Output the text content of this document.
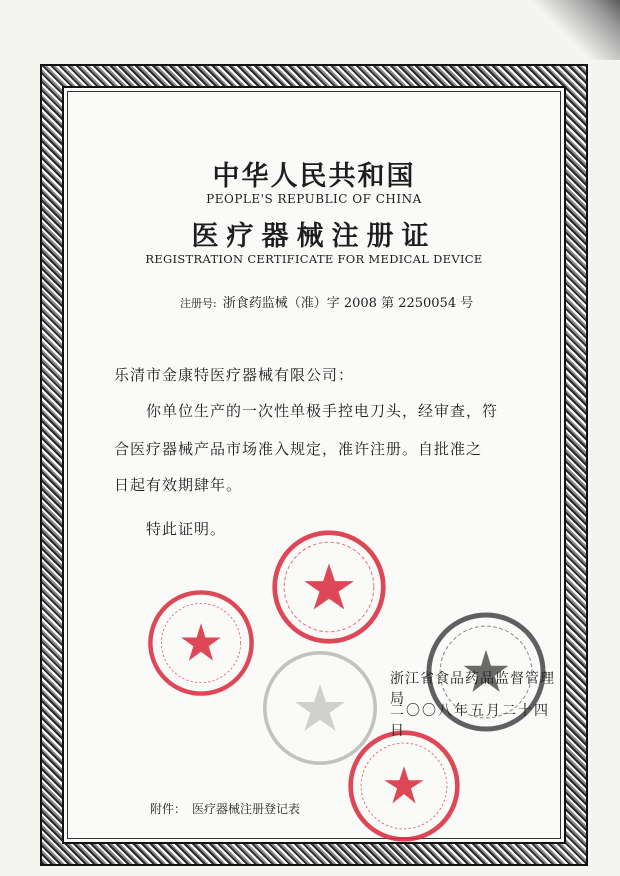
中华人民共和国
PEOPLE'S REPUBLIC OF CHINA
医疗器械注册证
REGISTRATION CERTIFICATE FOR MEDICAL DEVICE
注册号: 浙食药监械（准）字 2008 第 2250054 号
乐清市金康特医疗器械有限公司：
你单位生产的一次性单极手控电刀头，经审查，符
合医疗器械产品市场准入规定，准许注册。自批准之
日起有效期肆年。
特此证明。
浙江省食品药品监督管理局
二〇〇八年五月二十四日
附件： 医疗器械注册登记表
